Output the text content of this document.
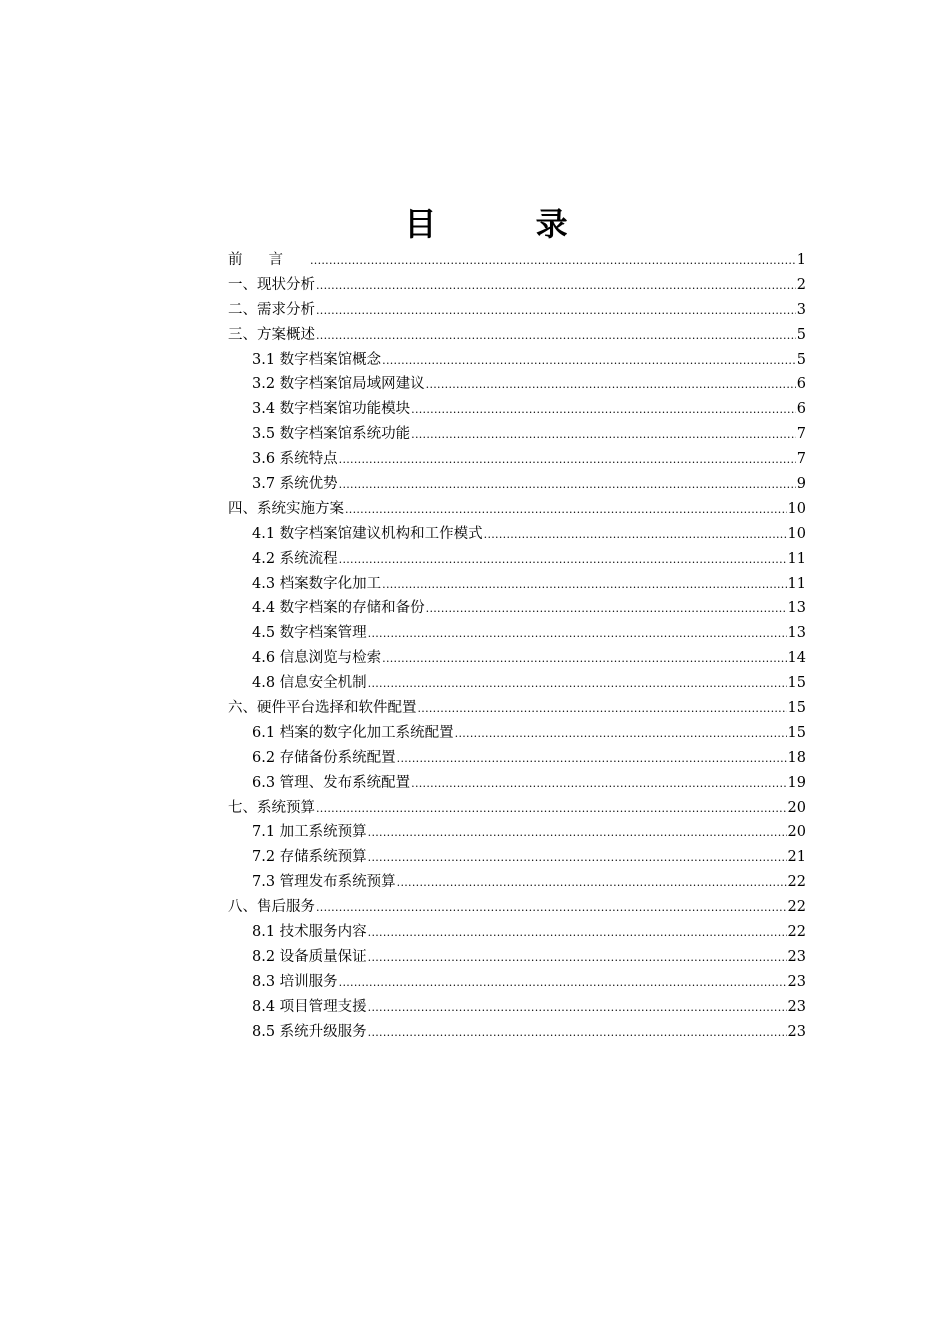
目 录
前言 .....	1
一、现状分析 .....	2
二、需求分析 .....	3
三、方案概述 .....	5
3.1 数字档案馆概念 .....	5
3.2 数字档案馆局域网建议 .....	6
3.4 数字档案馆功能模块 .....	6
3.5 数字档案馆系统功能 .....	7
3.6 系统特点 .....	7
3.7 系统优势 .....	9
四、系统实施方案 .....	10
4.1 数字档案馆建议机构和工作模式 .....	10
4.2 系统流程 .....	11
4.3 档案数字化加工 .....	11
4.4 数字档案的存储和备份 .....	13
4.5 数字档案管理 .....	13
4.6 信息浏览与检索 .....	14
4.8 信息安全机制 .....	15
六、硬件平台选择和软件配置 .....	15
6.1 档案的数字化加工系统配置 .....	15
6.2 存储备份系统配置 .....	18
6.3 管理、发布系统配置 .....	19
七、系统预算 .....	20
7.1 加工系统预算 .....	20
7.2 存储系统预算 .....	21
7.3 管理发布系统预算 .....	22
八、售后服务 .....	22
8.1 技术服务内容 .....	22
8.2 设备质量保证 .....	23
8.3 培训服务 .....	23
8.4 项目管理支援 .....	23
8.5 系统升级服务 .....	23
